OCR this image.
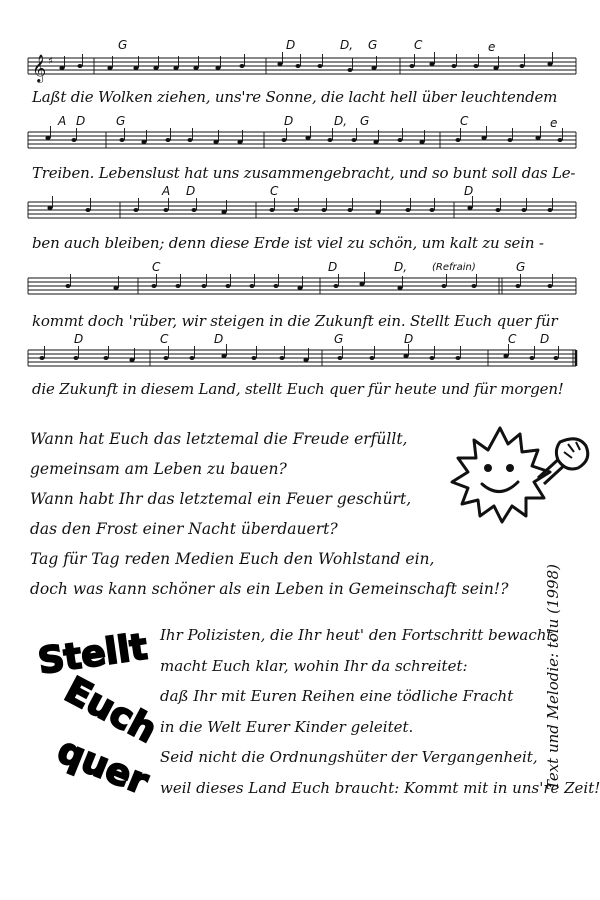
G	D	D, G	C	e
𝄞 ♯
Laßt die Wolken ziehen, uns're Sonne, die lacht hell über leuchtendem
A D	G	D	D, G	C	e
Treiben. Lebenslust hat uns zusammengebracht, und so bunt soll das Le-
A D	C	D
ben auch bleiben; denn diese Erde ist viel zu schön, um kalt zu sein -
C	D	D, (Refrain)	G
kommt doch 'rüber, wir steigen in die Zukunft ein. Stellt Euch quer für
D	C	D	G	D	C D
die Zukunft in diesem Land, stellt Euch quer für heute und für morgen!
Wann hat Euch das letztemal die Freude erfüllt,
gemeinsam am Leben zu bauen?
Wann habt Ihr das letztemal ein Feuer geschürt,
das den Frost einer Nacht überdauert?
Tag für Tag reden Medien Euch den Wohlstand ein,
doch was kann schöner als ein Leben in Gemeinschaft sein!?
Stellt
Euch
quer
Ihr Polizisten, die Ihr heut' den Fortschritt bewacht,
macht Euch klar, wohin Ihr da schreitet:
daß Ihr mit Euren Reihen eine tödliche Fracht
in die Welt Eurer Kinder geleitet.
Seid nicht die Ordnungshüter der Vergangenheit,
weil dieses Land Euch braucht: Kommt mit in uns're Zeit!
Text und Melodie: tolu (1998)
